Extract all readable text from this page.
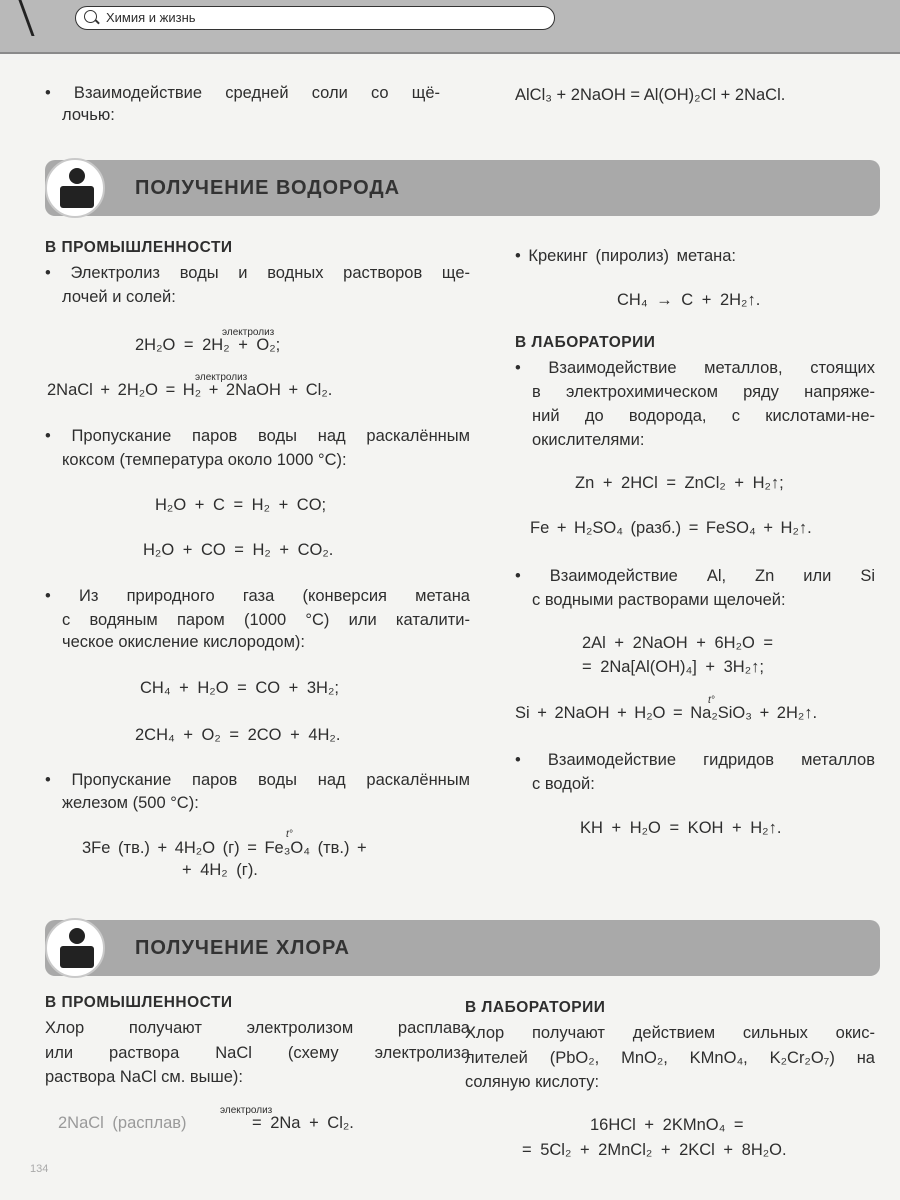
Химия и жизнь
• Взаимодействие средней соли со щё-
лочью:
AlCl₃ + 2NaOH = Al(OH)₂Cl + 2NaCl.
ПОЛУЧЕНИЕ ВОДОРОДА
В ПРОМЫШЛЕННОСТИ
• Электролиз воды и водных растворов ще-
лочей и солей:
электролиз
2H₂O = 2H₂ + O₂;
электролиз
2NaCl + 2H₂O = H₂ + 2NaOH + Cl₂.
• Пропускание паров воды над раскалённым
коксом (температура около 1000 °С):
H₂O + C = H₂ + CO;
H₂O + CO = H₂ + CO₂.
• Из природного газа (конверсия метана
с водяным паром (1000 °С) или каталити-
ческое окисление кислородом):
CH₄ + H₂O = CO + 3H₂;
2CH₄ + O₂ = 2CO + 4H₂.
• Пропускание паров воды над раскалённым
железом (500 °С):
t°
3Fe (тв.) + 4H₂O (г) = Fe₃O₄ (тв.) +
+ 4H₂ (г).
• Крекинг (пиролиз) метана:
CH₄ → C + 2H₂↑.
В ЛАБОРАТОРИИ
• Взаимодействие металлов, стоящих
в электрохимическом ряду напряже-
ний до водорода, с кислотами-не-
окислителями:
Zn + 2HCl = ZnCl₂ + H₂↑;
Fe + H₂SO₄ (разб.) = FeSO₄ + H₂↑.
• Взаимодействие Al, Zn или Si
с водными растворами щелочей:
2Al + 2NaOH + 6H₂O =
= 2Na[Al(OH)₄] + 3H₂↑;
t°
Si + 2NaOH + H₂O = Na₂SiO₃ + 2H₂↑.
• Взаимодействие гидридов металлов
с водой:
KH + H₂O = KOH + H₂↑.
ПОЛУЧЕНИЕ ХЛОРА
В ПРОМЫШЛЕННОСТИ
Хлор получают электролизом расплава
или раствора NaCl (схему электролиза
раствора NaCl см. выше):
электролиз
2NaCl (расплав)	= 2Na + Cl₂.
В ЛАБОРАТОРИИ
Хлор получают действием сильных окис-
лителей (PbO₂, MnO₂, KMnO₄, K₂Cr₂O₇) на
соляную кислоту:
16HCl + 2KMnO₄ =
= 5Cl₂ + 2MnCl₂ + 2KCl + 8H₂O.
134
